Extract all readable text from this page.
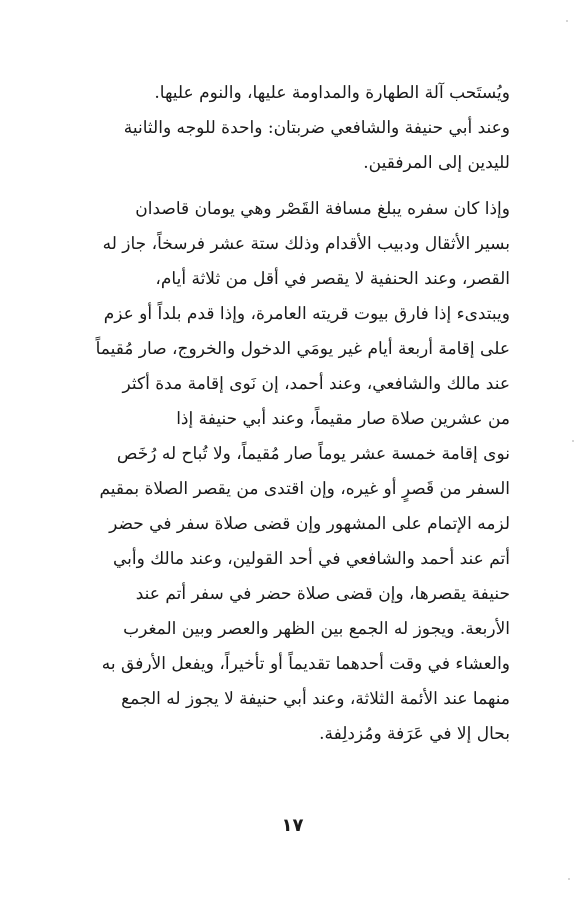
ويُستَحب آلة الطهارة والمداومة عليها، والنوم عليها.
وعند أبي حنيفة والشافعي ضربتان: واحدة للوجه والثانية
لليدين إلى المرفقين.
وإذا كان سفره يبلغ مسافة القَصْر وهي يومان قاصدان
بسير الأثقال ودبيب الأقدام وذلك ستة عشر فرسخاً، جاز له
القصر، وعند الحنفية لا يقصر في أقل من ثلاثة أيام،
ويبتدىء إذا فارق بيوت قريته العامرة، وإذا قدم بلداً أو عزم
على إقامة أربعة أيام غير يومَي الدخول والخروج، صار مُقيماً
عند مالك والشافعي، وعند أحمد، إن نَوى إقامة مدة أكثر
من عشرين صلاة صار مقيماً، وعند أبي حنيفة إذا
نوى إقامة خمسة عشر يوماً صار مُقيماً، ولا تُباح له رُخَص
السفر من قَصرٍ أو غيره، وإن اقتدى من يقصر الصلاة بمقيم
لزمه الإتمام على المشهور وإن قضى صلاة سفر في حضر
أتم عند أحمد والشافعي في أحد القولين، وعند مالك وأبي
حنيفة يقصرها، وإن قضى صلاة حضر في سفر أتم عند
الأربعة. ويجوز له الجمع بين الظهر والعصر وبين المغرب
والعشاء في وقت أحدهما تقديماً أو تأخيراً، ويفعل الأرفق به
منهما عند الأئمة الثلاثة، وعند أبي حنيفة لا يجوز له الجمع
بحال إلا في عَرَفة ومُزدلِفة.
١٧
